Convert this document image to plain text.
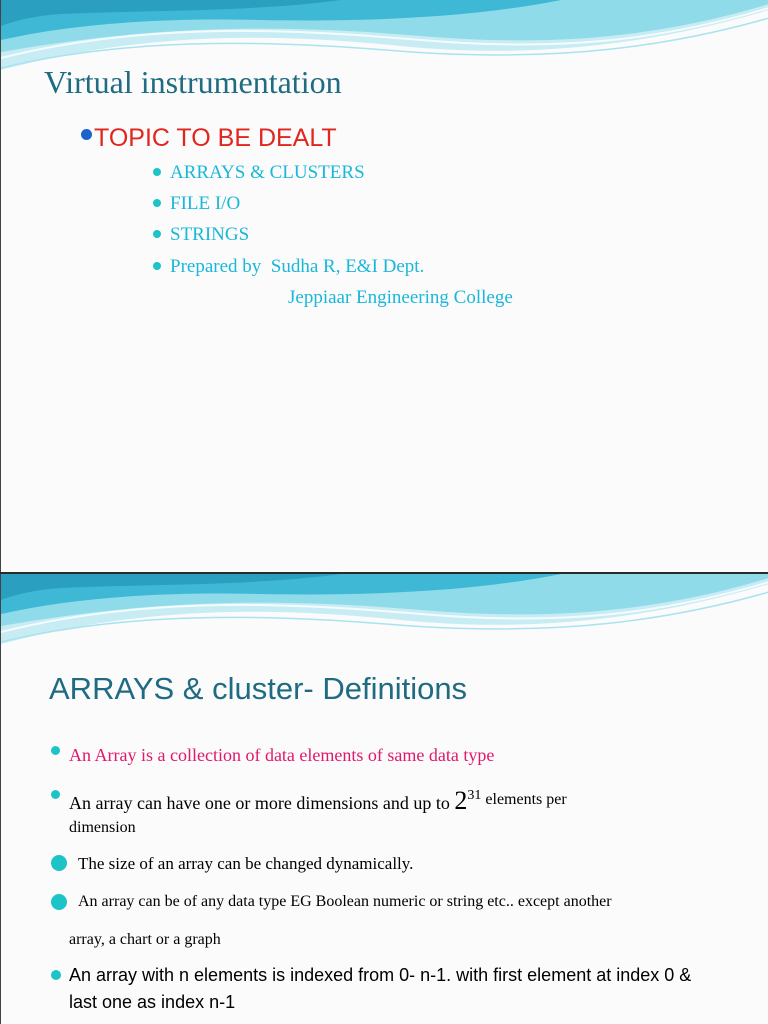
Virtual instrumentation
TOPIC TO BE DEALT
ARRAYS & CLUSTERS
FILE I/O
STRINGS
Prepared by  Sudha R, E&I Dept.
Jeppiaar Engineering College
ARRAYS & cluster- Definitions
An Array is a collection of data elements of same data type
An array can have one or more dimensions and up to $2^{31}$ elements per
dimension
The size of an array can be changed dynamically.
An array can be of any data type EG Boolean numeric or string etc.. except another
array, a chart or a graph
An array with n elements is indexed from 0- n-1. with first element at index 0 &
last one as index n-1
